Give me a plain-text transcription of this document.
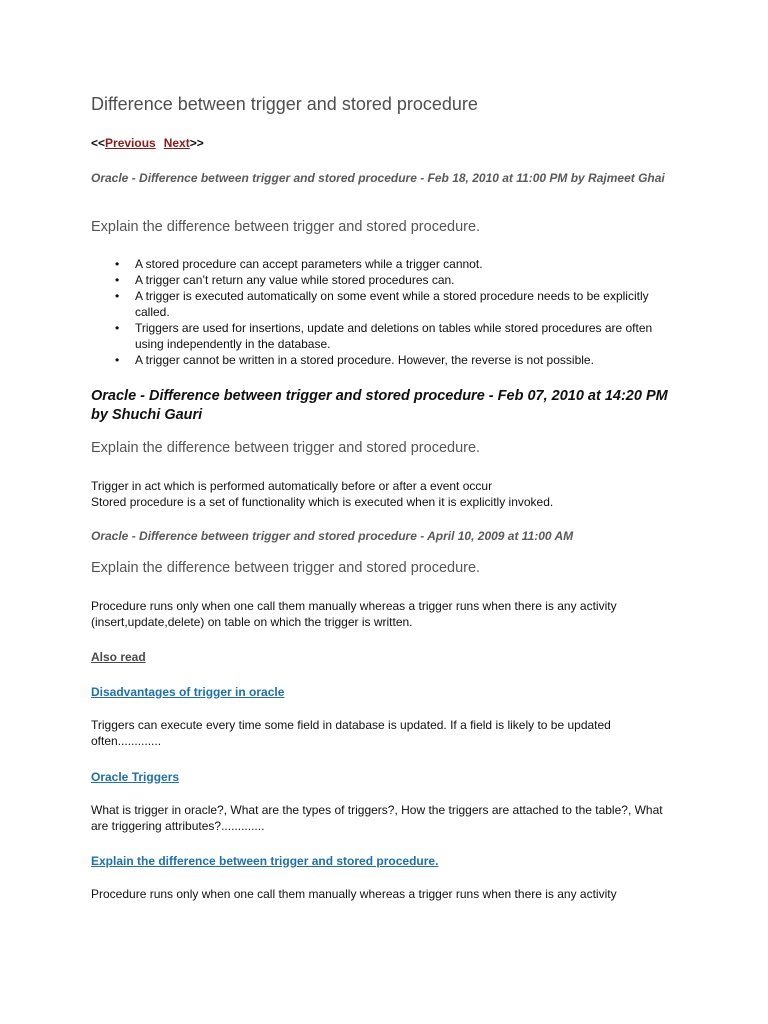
Difference between trigger and stored procedure
<<Previous Next>>
Oracle - Difference between trigger and stored procedure - Feb 18, 2010 at 11:00 PM by Rajmeet Ghai
Explain the difference between trigger and stored procedure.
• A stored procedure can accept parameters while a trigger cannot.
• A trigger can’t return any value while stored procedures can.
• A trigger is executed automatically on some event while a stored procedure needs to be explicitly called.
• Triggers are used for insertions, update and deletions on tables while stored procedures are often using independently in the database.
• A trigger cannot be written in a stored procedure. However, the reverse is not possible.
Oracle - Difference between trigger and stored procedure - Feb 07, 2010 at 14:20 PM by Shuchi Gauri
Explain the difference between trigger and stored procedure.
Trigger in act which is performed automatically before or after a event occur
Stored procedure is a set of functionality which is executed when it is explicitly invoked.
Oracle - Difference between trigger and stored procedure - April 10, 2009 at 11:00 AM
Explain the difference between trigger and stored procedure.
Procedure runs only when one call them manually whereas a trigger runs when there is any activity (insert,update,delete) on table on which the trigger is written.
Also read
Disadvantages of trigger in oracle
Triggers can execute every time some field in database is updated. If a field is likely to be updated often.............
Oracle Triggers
What is trigger in oracle?, What are the types of triggers?, How the triggers are attached to the table?, What are triggering attributes?.............
Explain the difference between trigger and stored procedure.
Procedure runs only when one call them manually whereas a trigger runs when there is any activity
